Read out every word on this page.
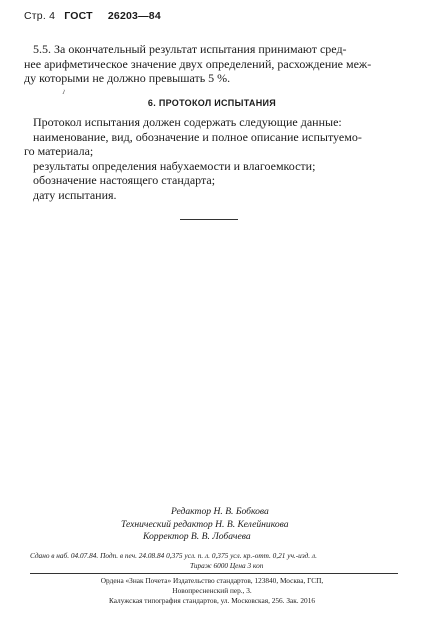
Стр. 4 ГОСТ 26203—84
5.5. За окончательный результат испытания принимают сред-
нее арифметическое значение двух определений, расхождение меж-
ду которыми не должно превышать 5 %.
ı
6. ПРОТОКОЛ ИСПЫТАНИЯ
Протокол испытания должен содержать следующие данные:
наименование, вид, обозначение и полное описание испытуемо-
го материала;
результаты определения набухаемости и влагоемкости;
обозначение настоящего стандарта;
дату испытания.
Редактор Н. В. Бобкова
Технический редактор Н. В. Келейникова
Корректор В. В. Лобачева
Сдано в наб. 04.07.84. Подп. в печ. 24.08.84 0,375 усл. п. л. 0,375 усл. кр.-отт. 0,21 уч.-изд. л.
Тираж 6000 Цена 3 коп
Ордена «Знак Почета» Издательство стандартов, 123840, Москва, ГСП,
Новопресненский пер., 3.
Калужская типография стандартов, ул. Московская, 256. Зак. 2016
